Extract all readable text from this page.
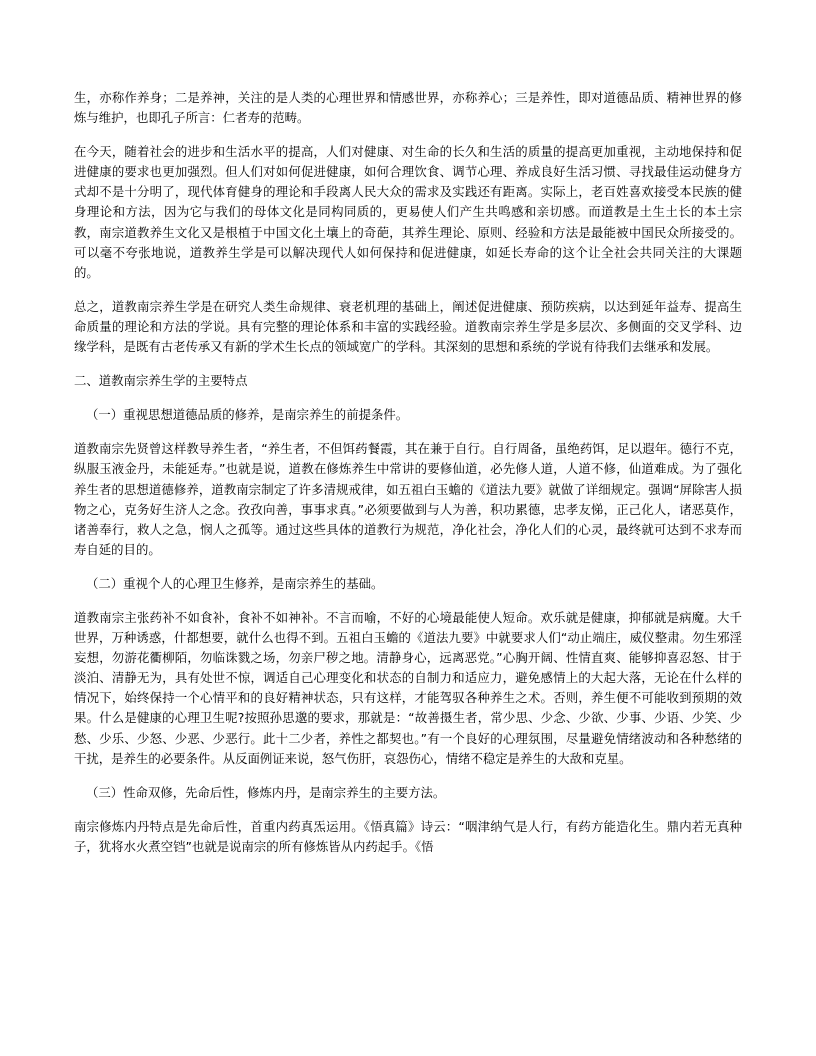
生，亦称作养身；二是养神，关注的是人类的心理世界和情感世界，亦称养心；三是养性，即对道德品质、精神世界的修炼与维护，也即孔子所言：仁者寿的范畴。

在今天，随着社会的进步和生活水平的提高，人们对健康、对生命的长久和生活的质量的提高更加重视，主动地保持和促进健康的要求也更加强烈。但人们对如何促进健康，如何合理饮食、调节心理、养成良好生活习惯、寻找最佳运动健身方式却不是十分明了，现代体育健身的理论和手段离人民大众的需求及实践还有距离。实际上，老百姓喜欢接受本民族的健身理论和方法，因为它与我们的母体文化是同构同质的，更易使人们产生共鸣感和亲切感。而道教是土生土长的本土宗教，南宗道教养生文化又是根植于中国文化土壤上的奇葩，其养生理论、原则、经验和方法是最能被中国民众所接受的。可以毫不夸张地说，道教养生学是可以解决现代人如何保持和促进健康，如延长寿命的这个让全社会共同关注的大课题的。

总之，道教南宗养生学是在研究人类生命规律、衰老机理的基础上，阐述促进健康、预防疾病，以达到延年益寿、提高生命质量的理论和方法的学说。具有完整的理论体系和丰富的实践经验。道教南宗养生学是多层次、多侧面的交叉学科、边缘学科，是既有古老传承又有新的学术生长点的领域宽广的学科。其深刻的思想和系统的学说有待我们去继承和发展。

二、道教南宗养生学的主要特点

（一）重视思想道德品质的修养，是南宗养生的前提条件。

道教南宗先贤曾这样教导养生者，“养生者，不但饵药餐霞，其在兼于自行。自行周备，虽绝药饵，足以遐年。德行不克，纵服玉液金丹，未能延寿。”也就是说，道教在修炼养生中常讲的要修仙道，必先修人道，人道不修，仙道难成。为了强化养生者的思想道德修养，道教南宗制定了许多清规戒律，如五祖白玉蟾的《道法九要》就做了详细规定。强调“屏除害人损物之心，克务好生济人之念。孜孜向善，事事求真。”必须要做到与人为善，积功累德，忠孝友悌，正己化人，诸恶莫作，诸善奉行，救人之急，悯人之孤等。通过这些具体的道教行为规范，净化社会，净化人们的心灵，最终就可达到不求寿而寿自延的目的。

（二）重视个人的心理卫生修养，是南宗养生的基础。

道教南宗主张药补不如食补，食补不如神补。不言而喻，不好的心境最能使人短命。欢乐就是健康，抑郁就是病魔。大千世界，万种诱惑，什都想要，就什么也得不到。五祖白玉蟾的《道法九要》中就要求人们“动止端庄，威仪整肃。勿生邪淫妄想，勿游花衢柳陌，勿临诛戮之场，勿亲尸秽之地。清静身心，远离恶党。”心胸开阔、性情直爽、能够抑喜忍怒、甘于淡泊、清静无为，具有处世不惊，调适自己心理变化和状态的自制力和适应力，避免感情上的大起大落，无论在什么样的情况下，始终保持一个心情平和的良好精神状态，只有这样，才能驾驭各种养生之术。否则，养生便不可能收到预期的效果。什么是健康的心理卫生呢?按照孙思邈的要求，那就是：“故善摄生者，常少思、少念、少欲、少事、少语、少笑、少愁、少乐、少怒、少恶、少恶行。此十二少者，养性之都契也。”有一个良好的心理氛围，尽量避免情绪波动和各种愁绪的干扰，是养生的必要条件。从反面例证来说，怒气伤肝，哀怨伤心，情绪不稳定是养生的大敌和克星。

（三）性命双修，先命后性，修炼内丹，是南宗养生的主要方法。

南宗修炼内丹特点是先命后性，首重内药真炁运用。《悟真篇》诗云：“咽津纳气是人行，有药方能造化生。鼎内若无真种子，犹将水火煮空铛”也就是说南宗的所有修炼皆从内药起手。《悟
